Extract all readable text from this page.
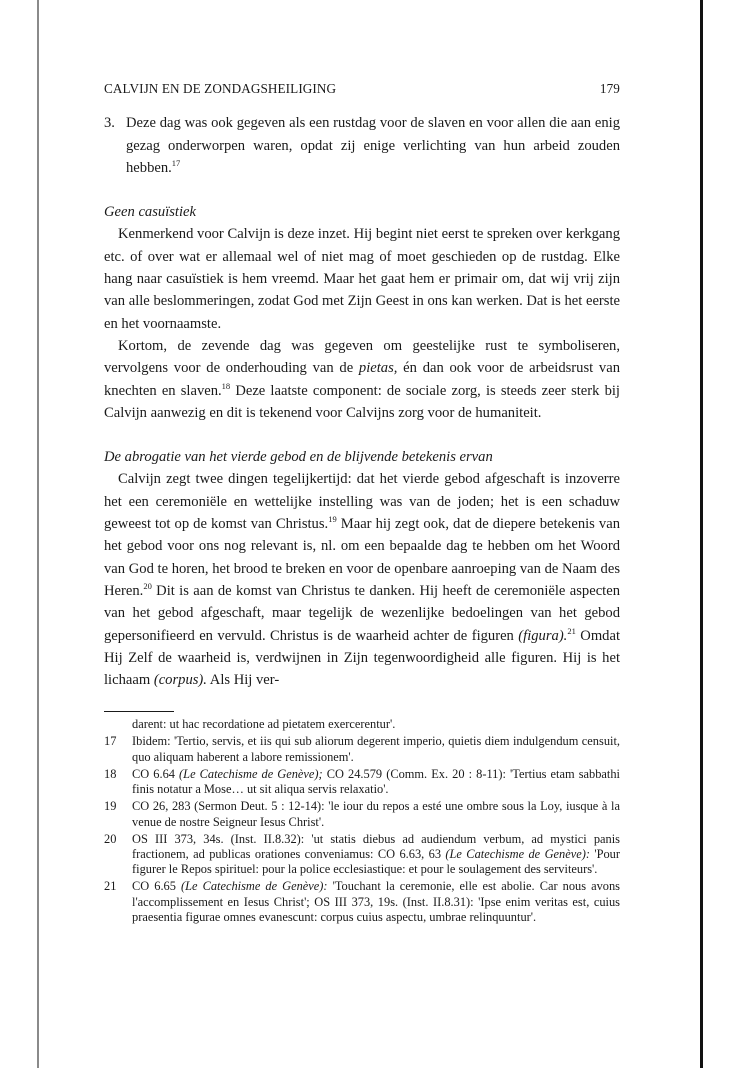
CALVIJN EN DE ZONDAGSHEILIGING	179
3. Deze dag was ook gegeven als een rustdag voor de slaven en voor allen die aan enig gezag onderworpen waren, opdat zij enige verlichting van hun arbeid zouden hebben.$^{17}$
Geen casuïstiek

Kenmerkend voor Calvijn is deze inzet. Hij begint niet eerst te spreken over kerkgang etc. of over wat er allemaal wel of niet mag of moet geschieden op de rustdag. Elke hang naar casuïstiek is hem vreemd. Maar het gaat hem er primair om, dat wij vrij zijn van alle beslommeringen, zodat God met Zijn Geest in ons kan werken. Dat is het eerste en het voornaamste.

Kortom, de zevende dag was gegeven om geestelijke rust te symboliseren, vervolgens voor de onderhouding van de pietas, én dan ook voor de arbeidsrust van knechten en slaven.$^{18}$ Deze laatste component: de sociale zorg, is steeds zeer sterk bij Calvijn aanwezig en dit is tekenend voor Calvijns zorg voor de humaniteit.

De abrogatie van het vierde gebod en de blijvende betekenis ervan

Calvijn zegt twee dingen tegelijkertijd: dat het vierde gebod afgeschaft is inzoverre het een ceremoniële en wettelijke instelling was van de joden; het is een schaduw geweest tot op de komst van Christus.$^{19}$ Maar hij zegt ook, dat de diepere betekenis van het gebod voor ons nog relevant is, nl. om een bepaalde dag te hebben om het Woord van God te horen, het brood te breken en voor de openbare aanroeping van de Naam des Heren.$^{20}$ Dit is aan de komst van Christus te danken. Hij heeft de ceremoniële aspecten van het gebod afgeschaft, maar tegelijk de wezenlijke bedoelingen van het gebod gepersonifieerd en vervuld. Christus is de waarheid achter de figuren (figura).$^{21}$ Omdat Hij Zelf de waarheid is, verdwijnen in Zijn tegenwoordigheid alle figuren. Hij is het lichaam (corpus). Als Hij ver-

darent: ut hac recordatione ad pietatem exercerentur'.
17	Ibidem: 'Tertio, servis, et iis qui sub aliorum degerent imperio, quietis diem indulgendum censuit, quo aliquam haberent a labore remissionem'.
18	CO 6.64 (Le Catechisme de Genève); CO 24.579 (Comm. Ex. 20 : 8-11): 'Tertius etam sabbathi finis notatur a Mose… ut sit aliqua servis relaxatio'.
19	CO 26, 283 (Sermon Deut. 5 : 12-14): 'le iour du repos a esté une ombre sous la Loy, iusque à la venue de nostre Seigneur Iesus Christ'.
20	OS III 373, 34s. (Inst. II.8.32): 'ut statis diebus ad audiendum verbum, ad mystici panis fractionem, ad publicas orationes conveniamus: CO 6.63, 63 (Le Catechisme de Genève): 'Pour figurer le Repos spirituel: pour la police ecclesiastique: et pour le soulagement des serviteurs'.
21	CO 6.65 (Le Catechisme de Genève): 'Touchant la ceremonie, elle est abolie. Car nous avons l'accomplissement en Iesus Christ'; OS III 373, 19s. (Inst. II.8.31): 'Ipse enim veritas est, cuius praesentia figurae omnes evanescunt: corpus cuius aspectu, umbrae relinquuntur'.
